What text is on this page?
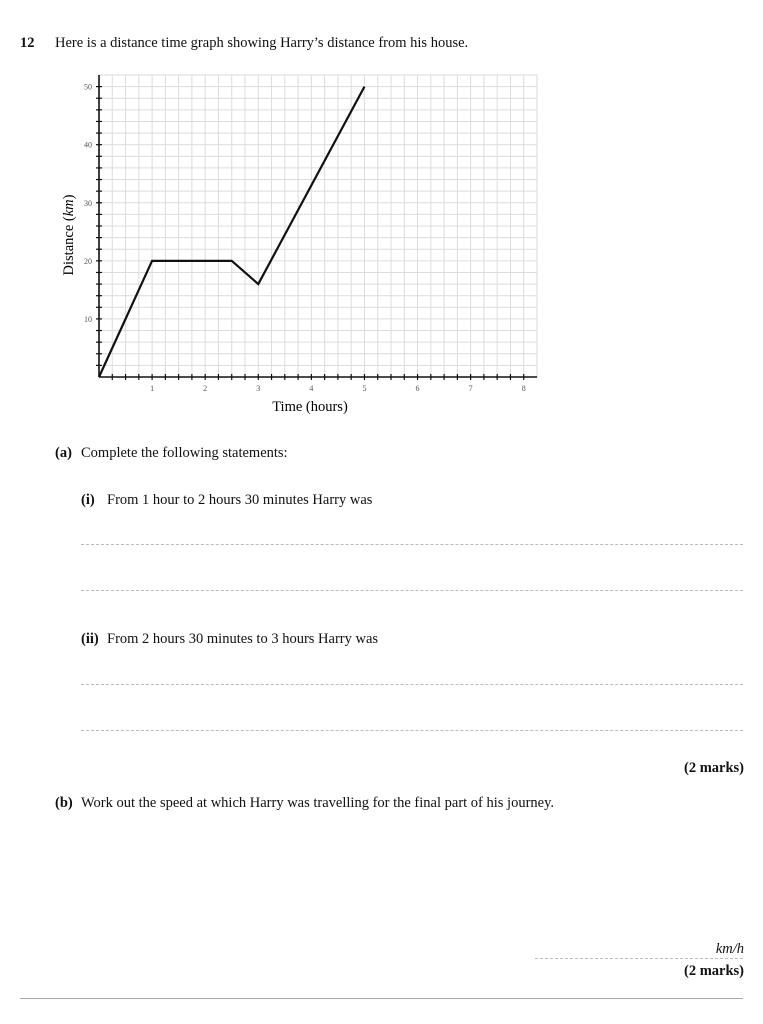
12 Here is a distance time graph showing Harry’s distance from his house.
1	2	3	4	5	6	7	8
10
20
30
40
50
Time (hours)
Distance (km)
(a) Complete the following statements:
(i) From 1 hour to 2 hours 30 minutes Harry was
(ii) From 2 hours 30 minutes to 3 hours Harry was
(2 marks)
(b) Work out the speed at which Harry was travelling for the final part of his journey.
km/h
(2 marks)
